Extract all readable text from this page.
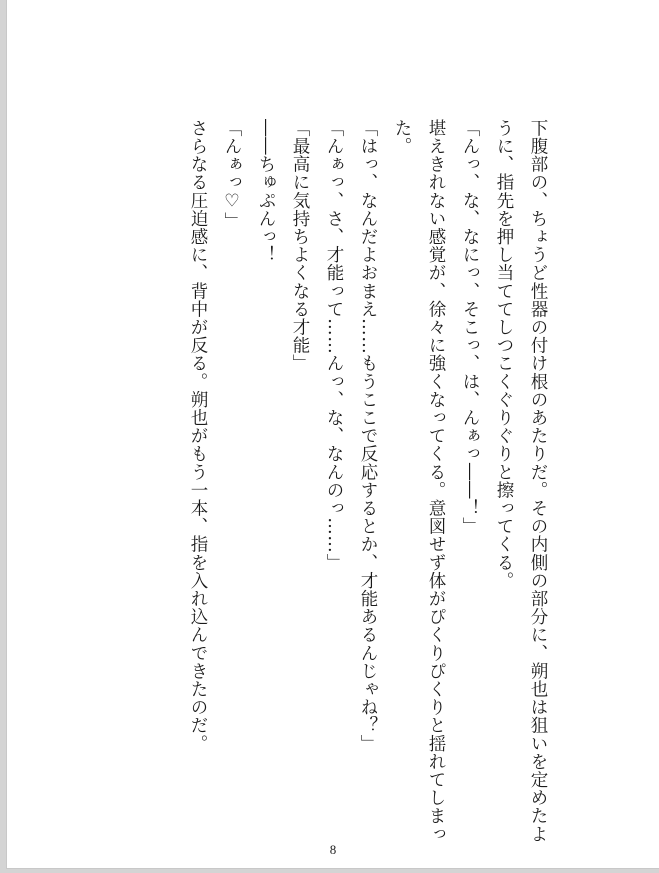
下腹部の、ちょうど性器の付け根のあたりだ。その内側の部分に、朔也は狙いを定めたよ
うに、指先を押し当ててしつこくぐりぐりと擦ってくる。
「んっ、な、なにっ、そこっ、は、んぁっ――！」
堪えきれない感覚が、徐々に強くなってくる。意図せず体がぴくりぴくりと揺れてしまっ
た。
「はっ、なんだよおまえ……もうここで反応するとか、才能あるんじゃね？」
「んぁっ、さ、才能って……んっ、な、なんのっ……」
「最高に気持ちよくなる才能」
――ちゅぷんっ！
「んぁっ♡」
さらなる圧迫感に、背中が反る。朔也がもう一本、指を入れ込んできたのだ。
8
